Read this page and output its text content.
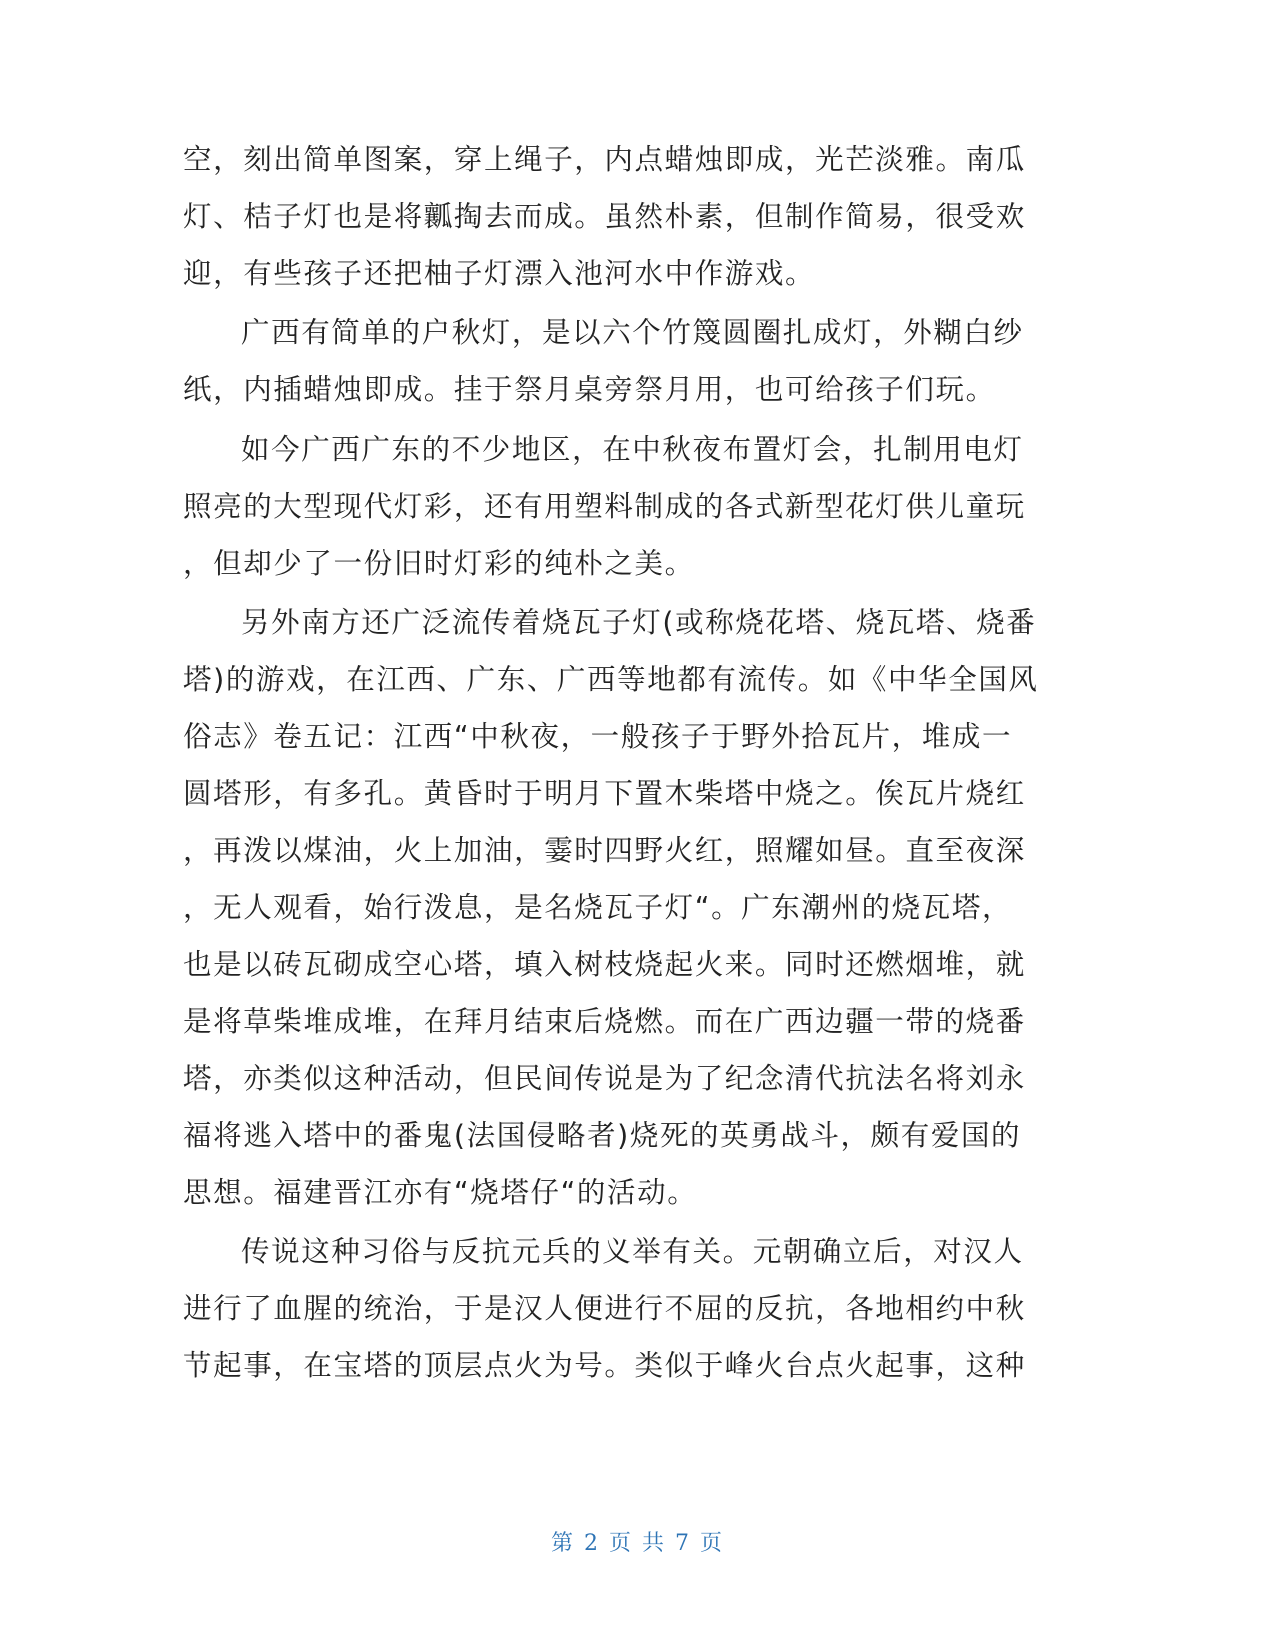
空，刻出简单图案，穿上绳子，内点蜡烛即成，光芒淡雅。南瓜
灯、桔子灯也是将瓤掏去而成。虽然朴素，但制作简易，很受欢
迎，有些孩子还把柚子灯漂入池河水中作游戏。
广西有简单的户秋灯，是以六个竹篾圆圈扎成灯，外糊白纱
纸，内插蜡烛即成。挂于祭月桌旁祭月用，也可给孩子们玩。
如今广西广东的不少地区，在中秋夜布置灯会，扎制用电灯
照亮的大型现代灯彩，还有用塑料制成的各式新型花灯供儿童玩
，但却少了一份旧时灯彩的纯朴之美。
另外南方还广泛流传着烧瓦子灯(或称烧花塔、烧瓦塔、烧番
塔)的游戏，在江西、广东、广西等地都有流传。如《中华全国风
俗志》卷五记：江西“中秋夜，一般孩子于野外拾瓦片，堆成一
圆塔形，有多孔。黄昏时于明月下置木柴塔中烧之。俟瓦片烧红
，再泼以煤油，火上加油，霎时四野火红，照耀如昼。直至夜深
，无人观看，始行泼息，是名烧瓦子灯“。广东潮州的烧瓦塔，
也是以砖瓦砌成空心塔，填入树枝烧起火来。同时还燃烟堆，就
是将草柴堆成堆，在拜月结束后烧燃。而在广西边疆一带的烧番
塔，亦类似这种活动，但民间传说是为了纪念清代抗法名将刘永
福将逃入塔中的番鬼(法国侵略者)烧死的英勇战斗，颇有爱国的
思想。福建晋江亦有“烧塔仔“的活动。
传说这种习俗与反抗元兵的义举有关。元朝确立后，对汉人
进行了血腥的统治，于是汉人便进行不屈的反抗，各地相约中秋
节起事，在宝塔的顶层点火为号。类似于峰火台点火起事，这种
第 2 页 共 7 页
